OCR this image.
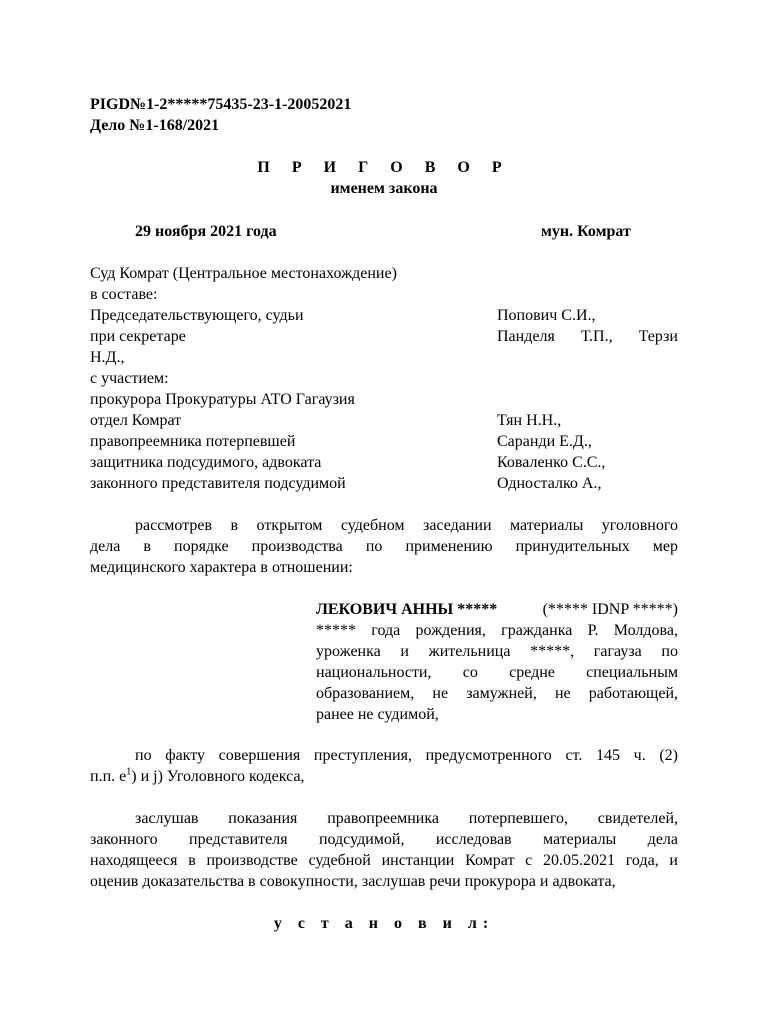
PIGD№1-2*****75435-23-1-20052021
Дело №1-168/2021
П Р И Г О В О Р
именем закона
29 ноября 2021 года	мун. Комрат
Суд Комрат (Центральное местонахождение)
в составе:
Председательствующего, судьи	Попович С.И.,
при секретаре	Панделя Т.П., Терзи
Н.Д.,
с участием:
прокурора Прокуратуры АТО Гагаузия
отдел Комрат	Тян Н.Н.,
правопреемника потерпевшей	Саранди Е.Д.,
защитника подсудимого, адвоката	Коваленко С.С.,
законного представителя подсудимой	Односталко А.,
рассмотрев в открытом судебном заседании материалы уголовного
дела в порядке производства по применению принудительных мер
медицинского характера в отношении:
ЛЕКОВИЧ АННЫ *****	(***** IDNP *****)
***** года рождения, гражданка Р. Молдова,
уроженка и жительница *****, гагауза по
национальности, со средне специальным
образованием, не замужней, не работающей,
ранее не судимой,
по факту совершения преступления, предусмотренного ст. 145 ч. (2)
п.п. $е^1$) и j) Уголовного кодекса,
заслушав показания правопреемника потерпевшего, свидетелей,
законного представителя подсудимой, исследовав материалы дела
находящееся в производстве судебной инстанции Комрат с 20.05.2021 года, и
оценив доказательства в совокупности, заслушав речи прокурора и адвоката,
у с т а н о в и л:
